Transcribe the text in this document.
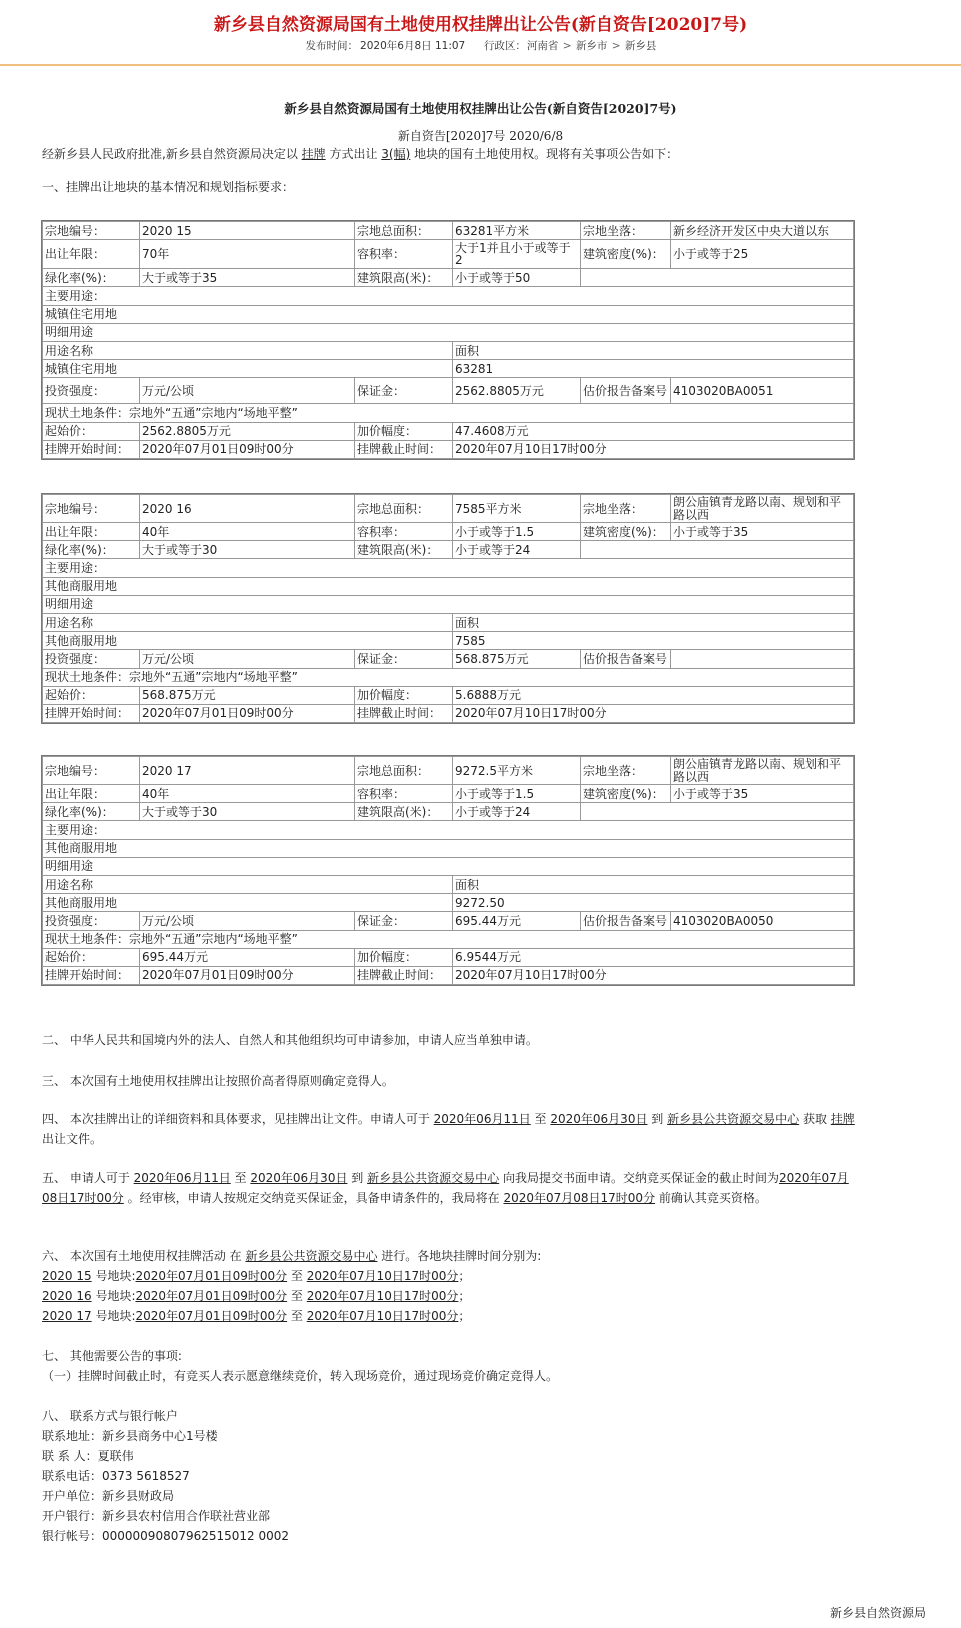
新乡县自然资源局国有土地使用权挂牌出让公告(新自资告[2020]7号)
发布时间： 2020年6月8日 11:07 行政区：河南省 > 新乡市 > 新乡县
新乡县自然资源局国有土地使用权挂牌出让公告(新自资告[2020]7号)
新自资告[2020]7号 2020/6/8
经新乡县人民政府批准,新乡县自然资源局决定以 挂牌 方式出让 3(幅) 地块的国有土地使用权。现将有关事项公告如下：
一、挂牌出让地块的基本情况和规划指标要求：
宗地编号：	2020 15	宗地总面积：	63281平方米	宗地坐落：	新乡经济开发区中央大道以东
出让年限：	70年	容积率：	大于1并且小于或等于2	建筑密度(%)：	小于或等于25
绿化率(%)：	大于或等于35	建筑限高(米)：	小于或等于50		
主要用途：					
城镇住宅用地					
明细用途					
用途名称			面积		
城镇住宅用地			63281		
投资强度：	万元/公顷	保证金：	2562.8805万元	估价报告备案号	4103020BA0051
现状土地条件：宗地外“五通”宗地内“场地平整”					
起始价：	2562.8805万元	加价幅度：	47.4608万元		
挂牌开始时间：	2020年07月01日09时00分	挂牌截止时间：	2020年07月10日17时00分		
宗地编号：	2020 16	宗地总面积：	7585平方米	宗地坐落：	朗公庙镇青龙路以南、规划和平路以西
出让年限：	40年	容积率：	小于或等于1.5	建筑密度(%)：	小于或等于35
绿化率(%)：	大于或等于30	建筑限高(米)：	小于或等于24		
主要用途：					
其他商服用地					
明细用途					
用途名称			面积		
其他商服用地			7585		
投资强度：	万元/公顷	保证金：	568.875万元	估价报告备案号	
现状土地条件：宗地外“五通”宗地内“场地平整”					
起始价：	568.875万元	加价幅度：	5.6888万元		
挂牌开始时间：	2020年07月01日09时00分	挂牌截止时间：	2020年07月10日17时00分		
宗地编号：	2020 17	宗地总面积：	9272.5平方米	宗地坐落：	朗公庙镇青龙路以南、规划和平路以西
出让年限：	40年	容积率：	小于或等于1.5	建筑密度(%)：	小于或等于35
绿化率(%)：	大于或等于30	建筑限高(米)：	小于或等于24		
主要用途：					
其他商服用地					
明细用途					
用途名称			面积		
其他商服用地			9272.50		
投资强度：	万元/公顷	保证金：	695.44万元	估价报告备案号	4103020BA0050
现状土地条件：宗地外“五通”宗地内“场地平整”					
起始价：	695.44万元	加价幅度：	6.9544万元		
挂牌开始时间：	2020年07月01日09时00分	挂牌截止时间：	2020年07月10日17时00分		
二、 中华人民共和国境内外的法人、自然人和其他组织均可申请参加，申请人应当单独申请。
三、 本次国有土地使用权挂牌出让按照价高者得原则确定竞得人。
四、 本次挂牌出让的详细资料和具体要求，见挂牌出让文件。申请人可于 2020年06月11日 至 2020年06月30日 到 新乡县公共资源交易中心 获取 挂牌 出让文件。
五、 申请人可于 2020年06月11日 至 2020年06月30日 到 新乡县公共资源交易中心 向我局提交书面申请。交纳竞买保证金的截止时间为2020年07月08日17时00分 。经审核，申请人按规定交纳竞买保证金，具备申请条件的，我局将在 2020年07月08日17时00分 前确认其竞买资格。
六、 本次国有土地使用权挂牌活动 在 新乡县公共资源交易中心 进行。各地块挂牌时间分别为:
2020 15 号地块:2020年07月01日09时00分 至 2020年07月10日17时00分；
2020 16 号地块:2020年07月01日09时00分 至 2020年07月10日17时00分；
2020 17 号地块:2020年07月01日09时00分 至 2020年07月10日17时00分；
七、 其他需要公告的事项:
（一）挂牌时间截止时，有竞买人表示愿意继续竞价，转入现场竞价，通过现场竞价确定竞得人。
八、 联系方式与银行帐户
联系地址：新乡县商务中心1号楼
联 系 人：夏联伟
联系电话：0373 5618527
开户单位：新乡县财政局
开户银行：新乡县农村信用合作联社营业部
银行帐号：00000090807962515012 0002
新乡县自然资源局
